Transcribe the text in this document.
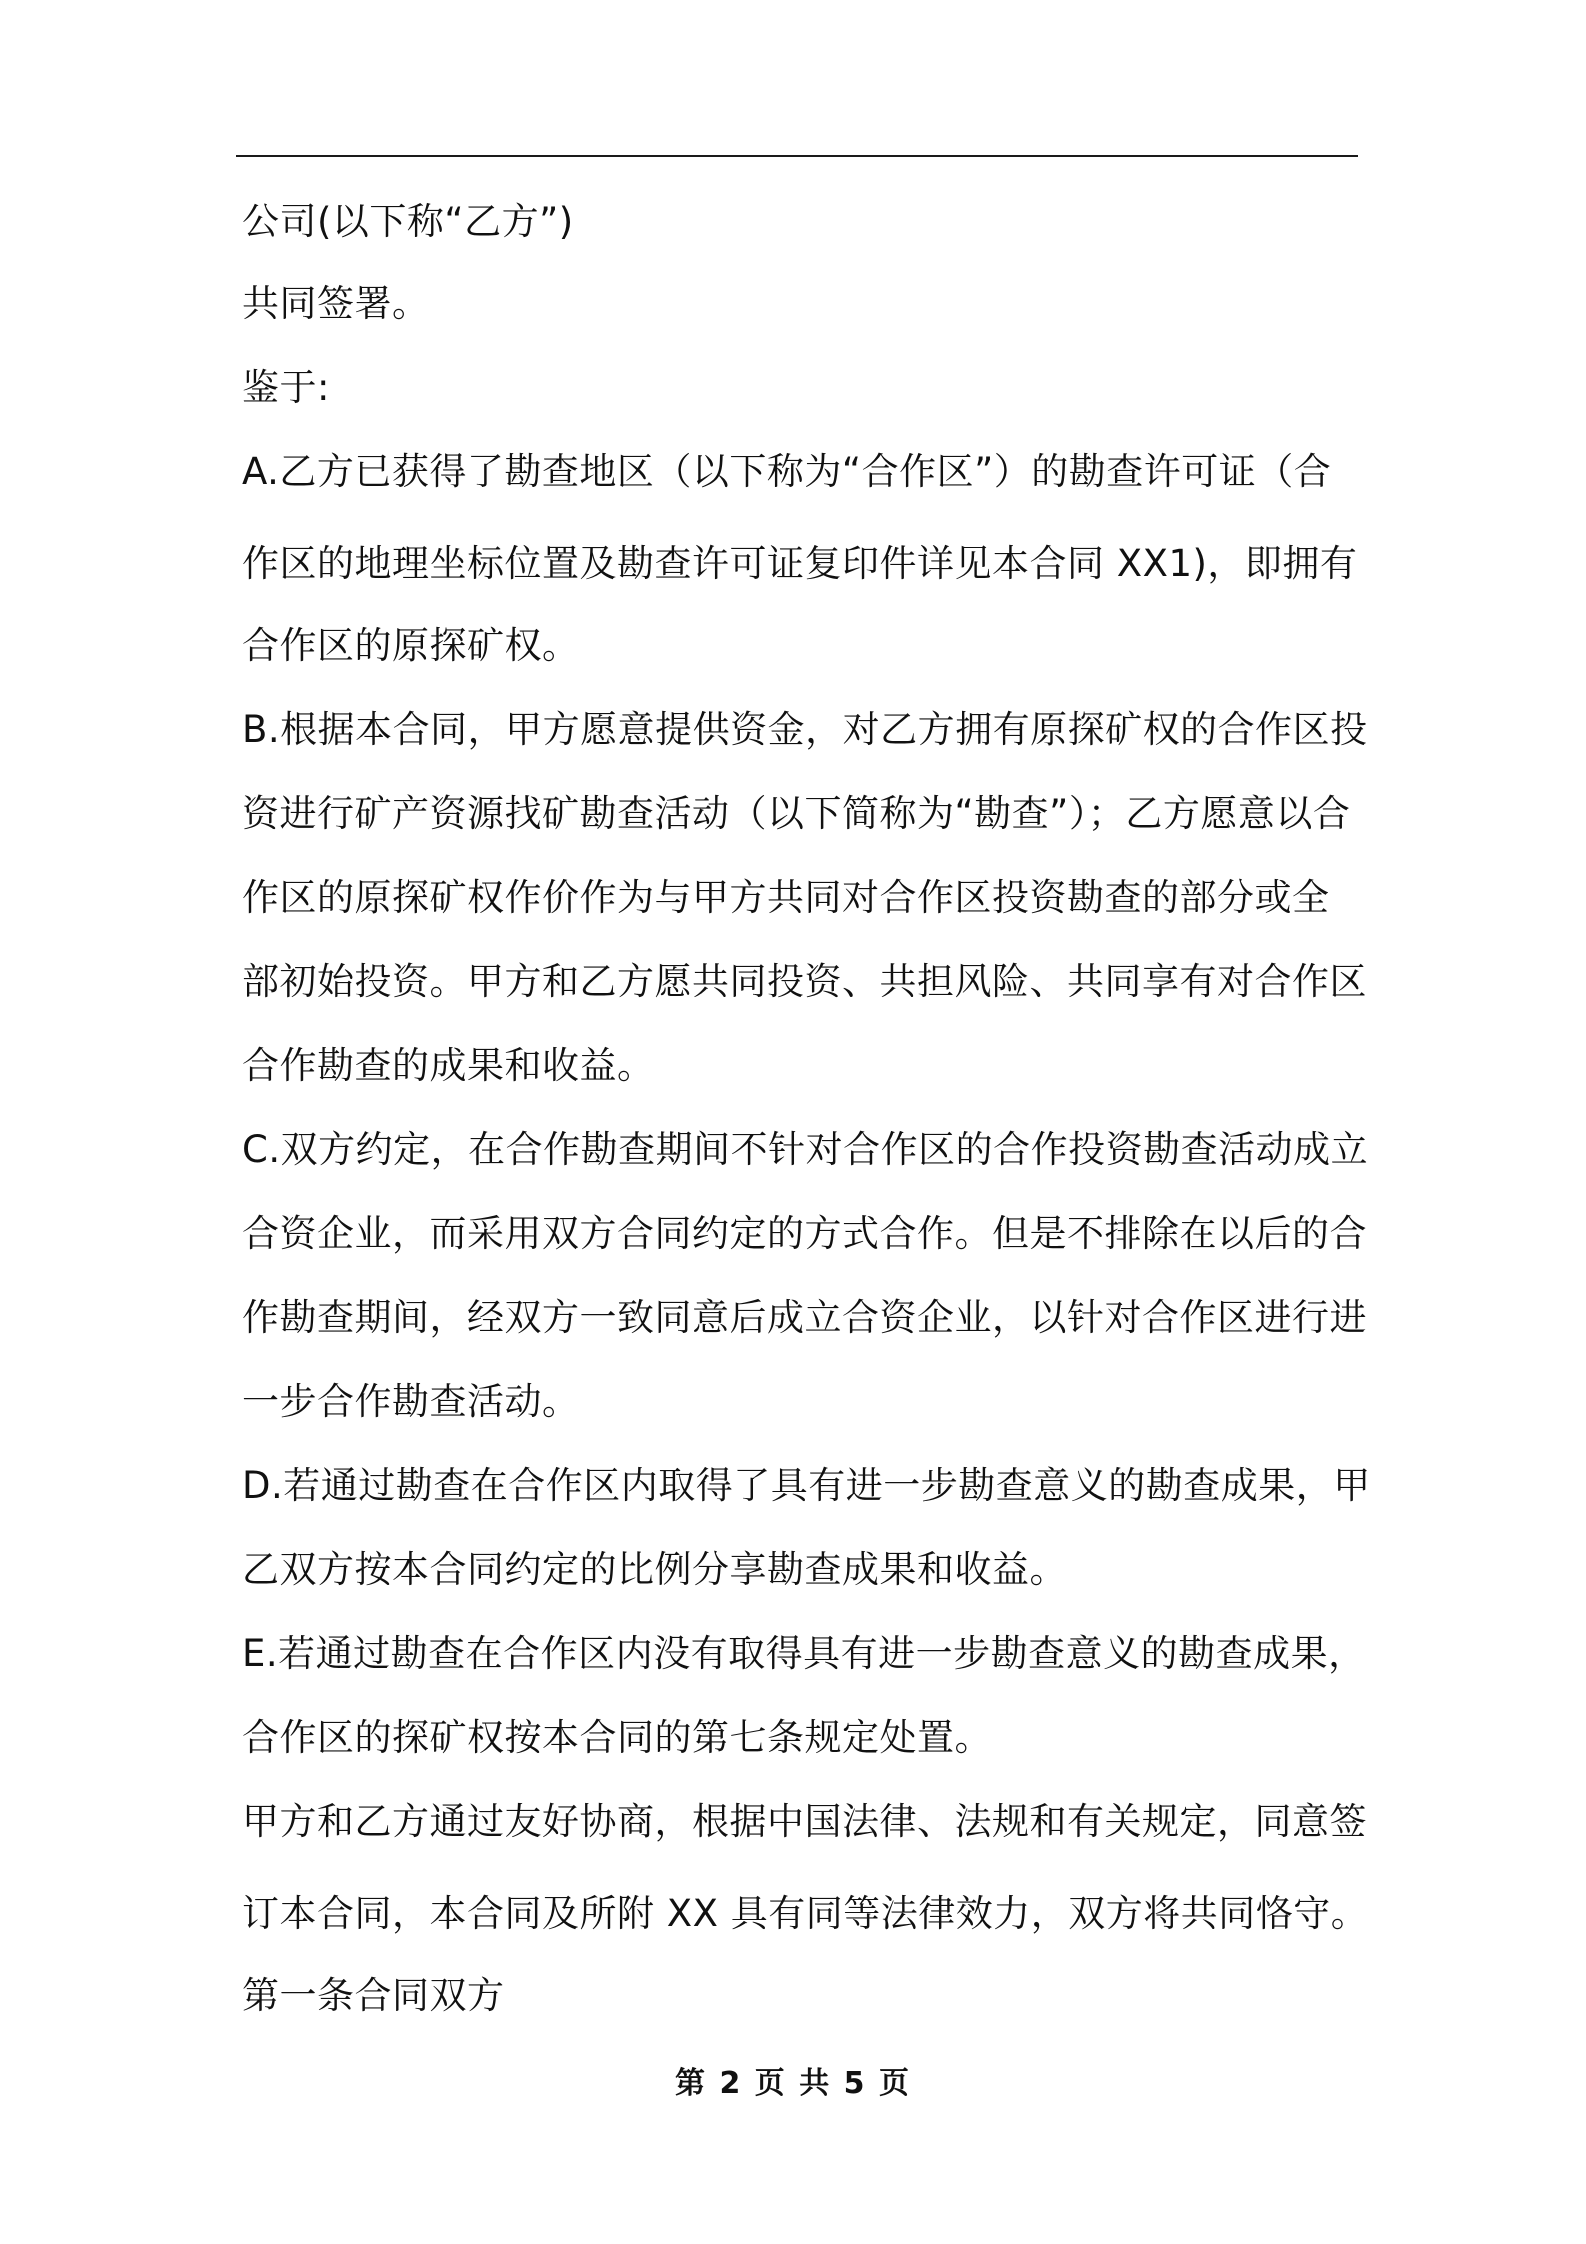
公司(以下称“乙方”)
共同签署。
鉴于:
A.乙方已获得了勘查地区（以下称为“合作区”）的勘查许可证（合
作区的地理坐标位置及勘查许可证复印件详见本合同 XX1)，即拥有
合作区的原探矿权。
B.根据本合同，甲方愿意提供资金，对乙方拥有原探矿权的合作区投
资进行矿产资源找矿勘查活动（以下简称为“勘查”）；乙方愿意以合
作区的原探矿权作价作为与甲方共同对合作区投资勘查的部分或全
部初始投资。甲方和乙方愿共同投资、共担风险、共同享有对合作区
合作勘查的成果和收益。
C.双方约定，在合作勘查期间不针对合作区的合作投资勘查活动成立
合资企业，而采用双方合同约定的方式合作。但是不排除在以后的合
作勘查期间，经双方一致同意后成立合资企业，以针对合作区进行进
一步合作勘查活动。
D.若通过勘查在合作区内取得了具有进一步勘查意义的勘查成果，甲
乙双方按本合同约定的比例分享勘查成果和收益。
E.若通过勘查在合作区内没有取得具有进一步勘查意义的勘查成果，
合作区的探矿权按本合同的第七条规定处置。
甲方和乙方通过友好协商，根据中国法律、法规和有关规定，同意签
订本合同，本合同及所附 XX 具有同等法律效力，双方将共同恪守。
第一条合同双方
第 2 页 共 5 页
